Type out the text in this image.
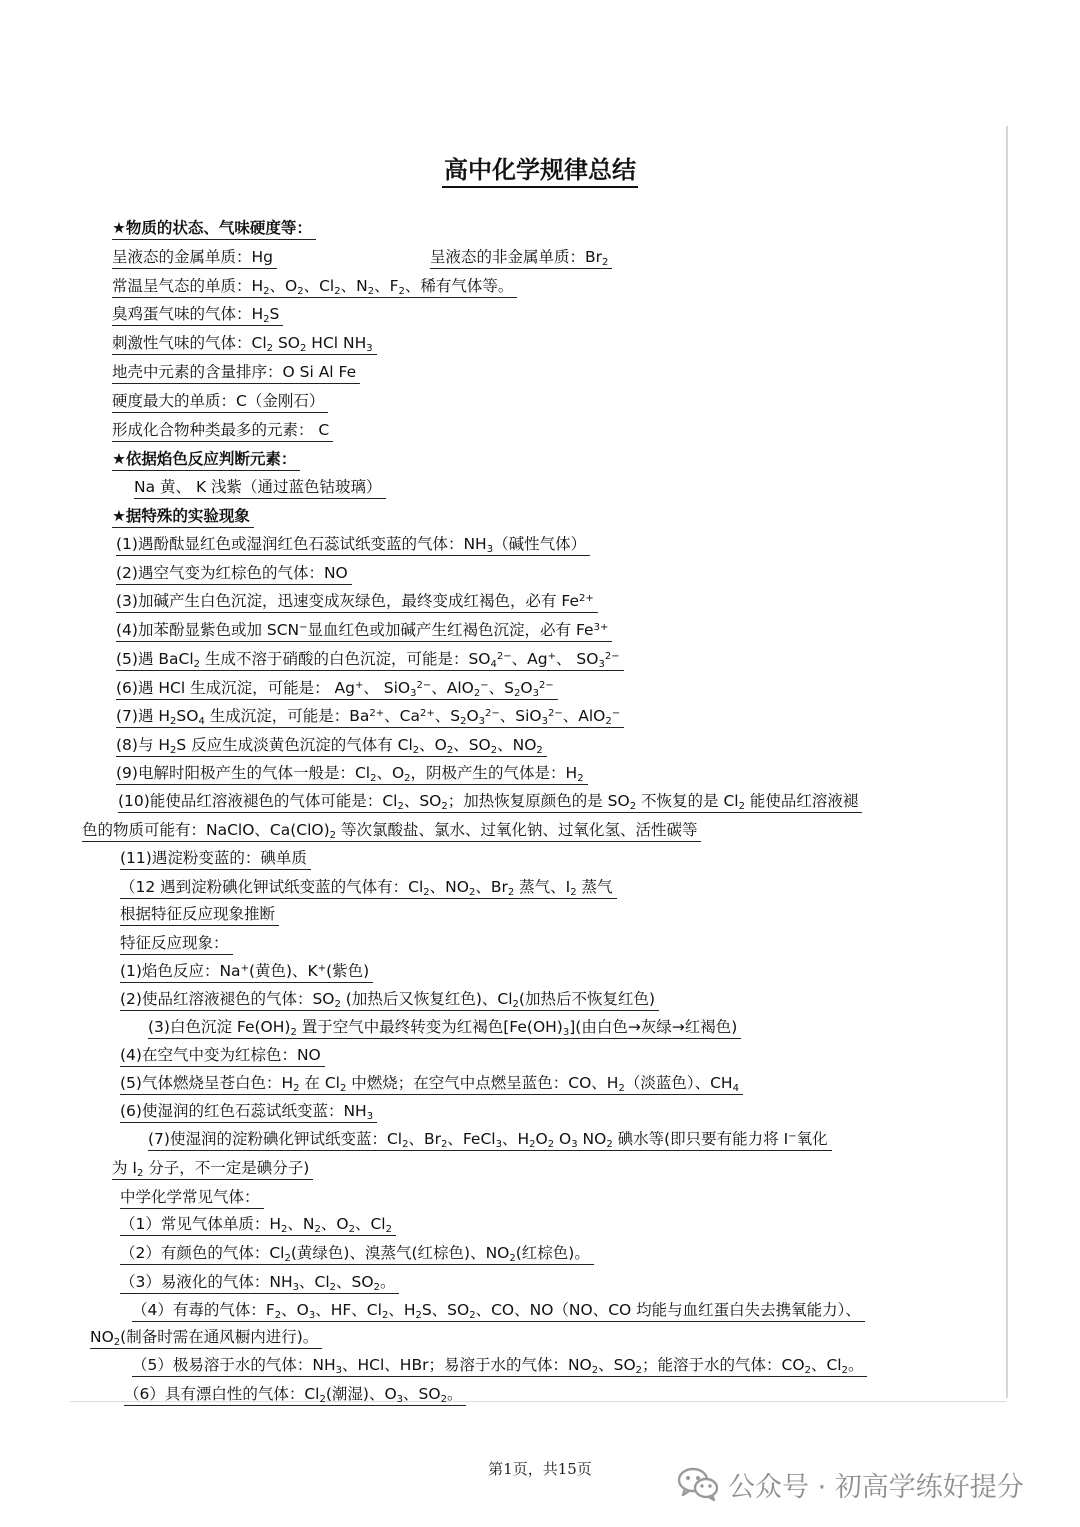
高中化学规律总结
★物质的状态、气味硬度等：
呈液态的金属单质：Hg	呈液态的非金属单质：$Br_2$
常温呈气态的单质：$H_2$、$O_2$、$Cl_2$、$N_2$、$F_2$、稀有气体等。
臭鸡蛋气味的气体：$H_2S$
刺激性气味的气体：$Cl_2$ $SO_2$ HCl $NH_3$
地壳中元素的含量排序：O Si Al Fe
硬度最大的单质：C（金刚石）
形成化合物种类最多的元素： C
★依据焰色反应判断元素：
Na 黄、 K 浅紫（通过蓝色钴玻璃）
★据特殊的实验现象
(1)遇酚酞显红色或湿润红色石蕊试纸变蓝的气体：$NH_3$（碱性气体）
(2)遇空气变为红棕色的气体：NO
(3)加碱产生白色沉淀，迅速变成灰绿色，最终变成红褐色，必有 $Fe^{2+}$
(4)加苯酚显紫色或加 SCN−显血红色或加碱产生红褐色沉淀，必有 $Fe^{3+}$
(5)遇 BaCl$_2$ 生成不溶于硝酸的白色沉淀，可能是：$SO_4^{2-}$、Ag+、 $SO_3^{2-}$
(6)遇 HCl 生成沉淀，可能是： Ag+、 SiO$_3^{2-}$、AlO$_2$−、$S_2O_3^{2-}$
(7)遇 $H_2SO_4$ 生成沉淀，可能是：$Ba^{2+}$、$Ca^{2+}$、$S_2O_3^{2-}$、SiO$_3^{2-}$、AlO$_2$−
(8)与 $H_2S$ 反应生成淡黄色沉淀的气体有 $Cl_2$、$O_2$、$SO_2$、$NO_2$
(9)电解时阳极产生的气体一般是：$Cl_2$、$O_2$，阴极产生的气体是：$H_2$
(10)能使品红溶液褪色的气体可能是：$Cl_2$、$SO_2$；加热恢复原颜色的是 $SO_2$ 不恢复的是 $Cl_2$ 能使品红溶液褪
色的物质可能有：NaClO、$Ca(ClO)_2$ 等次氯酸盐、氯水、过氧化钠、过氧化氢、活性碳等
(11)遇淀粉变蓝的：碘单质
（12 遇到淀粉碘化钾试纸变蓝的气体有：$Cl_2$、$NO_2$、$Br_2$ 蒸气、$I_2$ 蒸气
根据特征反应现象推断
特征反应现象：
(1)焰色反应：Na+(黄色)、K+(紫色)
(2)使品红溶液褪色的气体：$SO_2$ (加热后又恢复红色)、$Cl_2$(加热后不恢复红色)
(3)白色沉淀 $Fe(OH)_2$ 置于空气中最终转变为红褐色$[Fe(OH)_3]$(由白色→灰绿→红褐色)
(4)在空气中变为红棕色：NO
(5)气体燃烧呈苍白色：$H_2$ 在 $Cl_2$ 中燃烧；在空气中点燃呈蓝色：CO、$H_2$（淡蓝色）、$CH_4$
(6)使湿润的红色石蕊试纸变蓝：$NH_3$
(7)使湿润的淀粉碘化钾试纸变蓝：$Cl_2$、$Br_2$、FeCl$_3$、$H_2O_2$ $O_3$ $NO_2$ 碘水等(即只要有能力将 I−氧化
为 $I_2$ 分子，不一定是碘分子)
中学化学常见气体：
（1）常见气体单质：$H_2$、$N_2$、$O_2$、$Cl_2$
（2）有颜色的气体：$Cl_2$(黄绿色)、溴蒸气(红棕色)、$NO_2$(红棕色)。
（3）易液化的气体：$NH_3$、$Cl_2$、$SO_2$。
（4）有毒的气体：$F_2$、$O_3$、HF、$Cl_2$、$H_2S$、$SO_2$、CO、NO（NO、CO 均能与血红蛋白失去携氧能力）、
$NO_2$(制备时需在通风橱内进行)。
（5）极易溶于水的气体：$NH_3$、HCl、HBr；易溶于水的气体：$NO_2$、$SO_2$；能溶于水的气体：$CO_2$、$Cl_2$。
（6）具有漂白性的气体：$Cl_2$(潮湿)、$O_3$、$SO_2$。
第1页，共15页
公众号 · 初高学练好提分
